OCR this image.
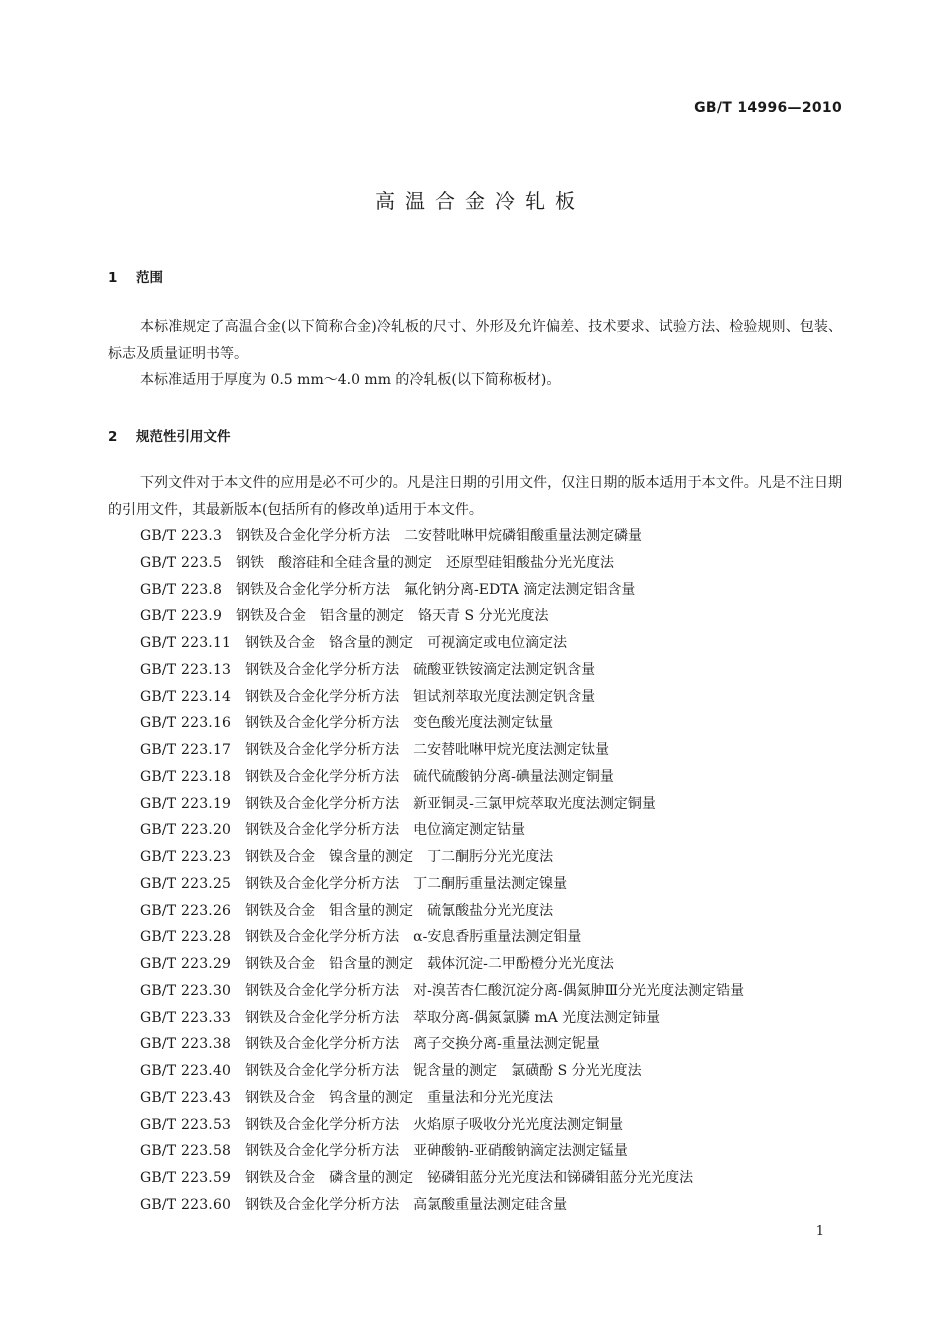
GB/T 14996—2010
高温合金冷轧板
1 范围
本标准规定了高温合金(以下简称合金)冷轧板的尺寸、外形及允许偏差、技术要求、试验方法、检验规则、包装、标志及质量证明书等。
本标准适用于厚度为 0.5 mm～4.0 mm 的冷轧板(以下简称板材)。
2 规范性引用文件
下列文件对于本文件的应用是必不可少的。凡是注日期的引用文件，仅注日期的版本适用于本文件。凡是不注日期的引用文件，其最新版本(包括所有的修改单)适用于本文件。
GB/T 223.3 钢铁及合金化学分析方法　二安替吡啉甲烷磷钼酸重量法测定磷量
GB/T 223.5 钢铁　酸溶硅和全硅含量的测定　还原型硅钼酸盐分光光度法
GB/T 223.8 钢铁及合金化学分析方法　氟化钠分离-EDTA 滴定法测定铝含量
GB/T 223.9 钢铁及合金　铝含量的测定　铬天青 S 分光光度法
GB/T 223.11 钢铁及合金　铬含量的测定　可视滴定或电位滴定法
GB/T 223.13 钢铁及合金化学分析方法　硫酸亚铁铵滴定法测定钒含量
GB/T 223.14 钢铁及合金化学分析方法　钽试剂萃取光度法测定钒含量
GB/T 223.16 钢铁及合金化学分析方法　变色酸光度法测定钛量
GB/T 223.17 钢铁及合金化学分析方法　二安替吡啉甲烷光度法测定钛量
GB/T 223.18 钢铁及合金化学分析方法　硫代硫酸钠分离-碘量法测定铜量
GB/T 223.19 钢铁及合金化学分析方法　新亚铜灵-三氯甲烷萃取光度法测定铜量
GB/T 223.20 钢铁及合金化学分析方法　电位滴定测定钴量
GB/T 223.23 钢铁及合金　镍含量的测定　丁二酮肟分光光度法
GB/T 223.25 钢铁及合金化学分析方法　丁二酮肟重量法测定镍量
GB/T 223.26 钢铁及合金　钼含量的测定　硫氰酸盐分光光度法
GB/T 223.28 钢铁及合金化学分析方法　α-安息香肟重量法测定钼量
GB/T 223.29 钢铁及合金　铅含量的测定　载体沉淀-二甲酚橙分光光度法
GB/T 223.30 钢铁及合金化学分析方法　对-溴苦杏仁酸沉淀分离-偶氮胂Ⅲ分光光度法测定锆量
GB/T 223.33 钢铁及合金化学分析方法　萃取分离-偶氮氯膦 mA 光度法测定铈量
GB/T 223.38 钢铁及合金化学分析方法　离子交换分离-重量法测定铌量
GB/T 223.40 钢铁及合金化学分析方法　铌含量的测定　氯磺酚 S 分光光度法
GB/T 223.43 钢铁及合金　钨含量的测定　重量法和分光光度法
GB/T 223.53 钢铁及合金化学分析方法　火焰原子吸收分光光度法测定铜量
GB/T 223.58 钢铁及合金化学分析方法　亚砷酸钠-亚硝酸钠滴定法测定锰量
GB/T 223.59 钢铁及合金　磷含量的测定　铋磷钼蓝分光光度法和锑磷钼蓝分光光度法
GB/T 223.60 钢铁及合金化学分析方法　高氯酸重量法测定硅含量
1
